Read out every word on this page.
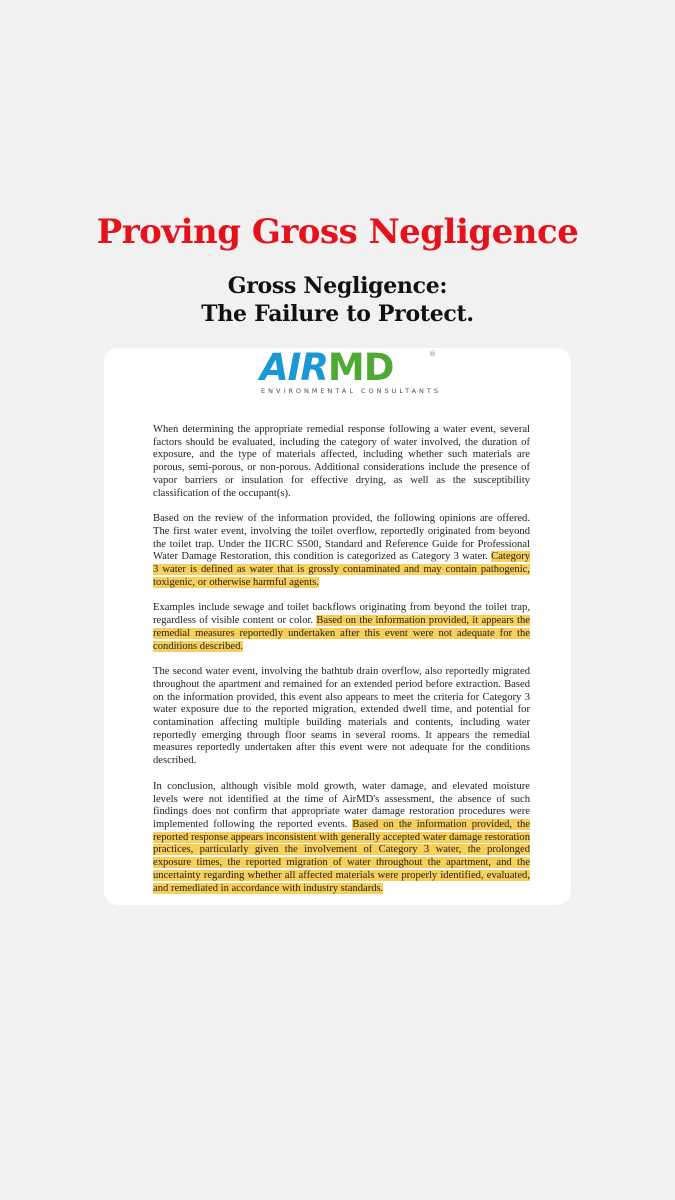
Proving Gross Negligence
Gross Negligence:
The Failure to Protect.
AIRMD	®
ENVIRONMENTAL CONSULTANTS

When determining the appropriate remedial response following a water event, several factors should be evaluated, including the category of water involved, the duration of exposure, and the type of materials affected, including whether such materials are porous, semi-porous, or non-porous. Additional considerations include the presence of vapor barriers or insulation for effective drying, as well as the susceptibility classification of the occupant(s).

Based on the review of the information provided, the following opinions are offered. The first water event, involving the toilet overflow, reportedly originated from beyond the toilet trap. Under the IICRC S500, Standard and Reference Guide for Professional Water Damage Restoration, this condition is categorized as Category 3 water. Category 3 water is defined as water that is grossly contaminated and may contain pathogenic, toxigenic, or otherwise harmful agents.

Examples include sewage and toilet backflows originating from beyond the toilet trap, regardless of visible content or color. Based on the information provided, it appears the remedial measures reportedly undertaken after this event were not adequate for the conditions described.

The second water event, involving the bathtub drain overflow, also reportedly migrated throughout the apartment and remained for an extended period before extraction. Based on the information provided, this event also appears to meet the criteria for Category 3 water exposure due to the reported migration, extended dwell time, and potential for contamination affecting multiple building materials and contents, including water reportedly emerging through floor seams in several rooms. It appears the remedial measures reportedly undertaken after this event were not adequate for the conditions described.

In conclusion, although visible mold growth, water damage, and elevated moisture levels were not identified at the time of AirMD's assessment, the absence of such findings does not confirm that appropriate water damage restoration procedures were implemented following the reported events. Based on the information provided, the reported response appears inconsistent with generally accepted water damage restoration practices, particularly given the involvement of Category 3 water, the prolonged exposure times, the reported migration of water throughout the apartment, and the uncertainty regarding whether all affected materials were properly identified, evaluated, and remediated in accordance with industry standards.
